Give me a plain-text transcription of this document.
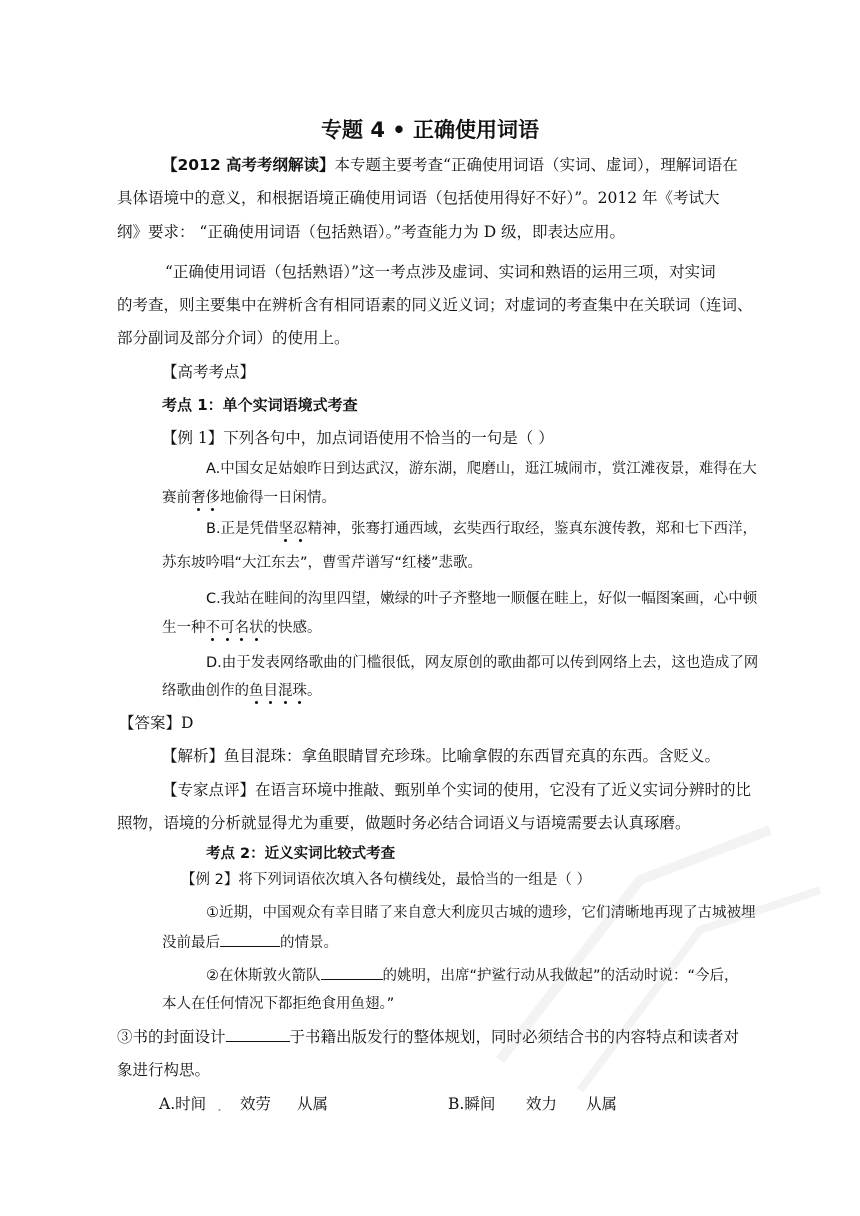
专题 4 • 正确使用词语
【2012 高考考纲解读】本专题主要考查“正确使用词语（实词、虚词），理解词语在
具体语境中的意义，和根据语境正确使用词语（包括使用得好不好）”。2012 年《考试大
纲》要求： “正确使用词语（包括熟语）。”考查能力为 D 级，即表达应用。
“正确使用词语（包括熟语）”这一考点涉及虚词、实词和熟语的运用三项，对实词
的考查，则主要集中在辨析含有相同语素的同义近义词；对虚词的考查集中在关联词（连词、
部分副词及部分介词）的使用上。
【高考考点】
考点 1：单个实词语境式考查
【例 1】下列各句中，加点词语使用不恰当的一句是（ ）
A.中国女足姑娘昨日到达武汉，游东湖，爬磨山，逛江城闹市，赏江滩夜景，难得在大
赛前奢侈地偷得一日闲情。
B.正是凭借坚忍精神，张骞打通西域，玄奘西行取经，鉴真东渡传教，郑和七下西洋，
苏东坡吟唱“大江东去”，曹雪芹谱写“红楼”悲歌。
C.我站在畦间的沟里四望，嫩绿的叶子齐整地一顺偃在畦上，好似一幅图案画，心中顿
生一种不可名状的快感。
D.由于发表网络歌曲的门槛很低，网友原创的歌曲都可以传到网络上去，这也造成了网
络歌曲创作的鱼目混珠。
【答案】D
【解析】鱼目混珠：拿鱼眼睛冒充珍珠。比喻拿假的东西冒充真的东西。含贬义。
【专家点评】在语言环境中推敲、甄别单个实词的使用，它没有了近义实词分辨时的比
照物，语境的分析就显得尤为重要，做题时务必结合词语义与语境需要去认真琢磨。
考点 2：近义实词比较式考查
【例 2】将下列词语依次填入各句横线处，最恰当的一组是（ ）
①近期，中国观众有幸目睹了来自意大利庞贝古城的遗珍，它们清晰地再现了古城被埋
没前最后	的情景。
②在休斯敦火箭队	的姚明，出席“护鲨行动从我做起”的活动时说：“今后，
本人在任何情况下都拒绝食用鱼翅。”
③书的封面设计	于书籍出版发行的整体规划，同时必须结合书的内容特点和读者对
象进行构思。
A.时间 . 效劳 从属	B.瞬间 效力 从属
